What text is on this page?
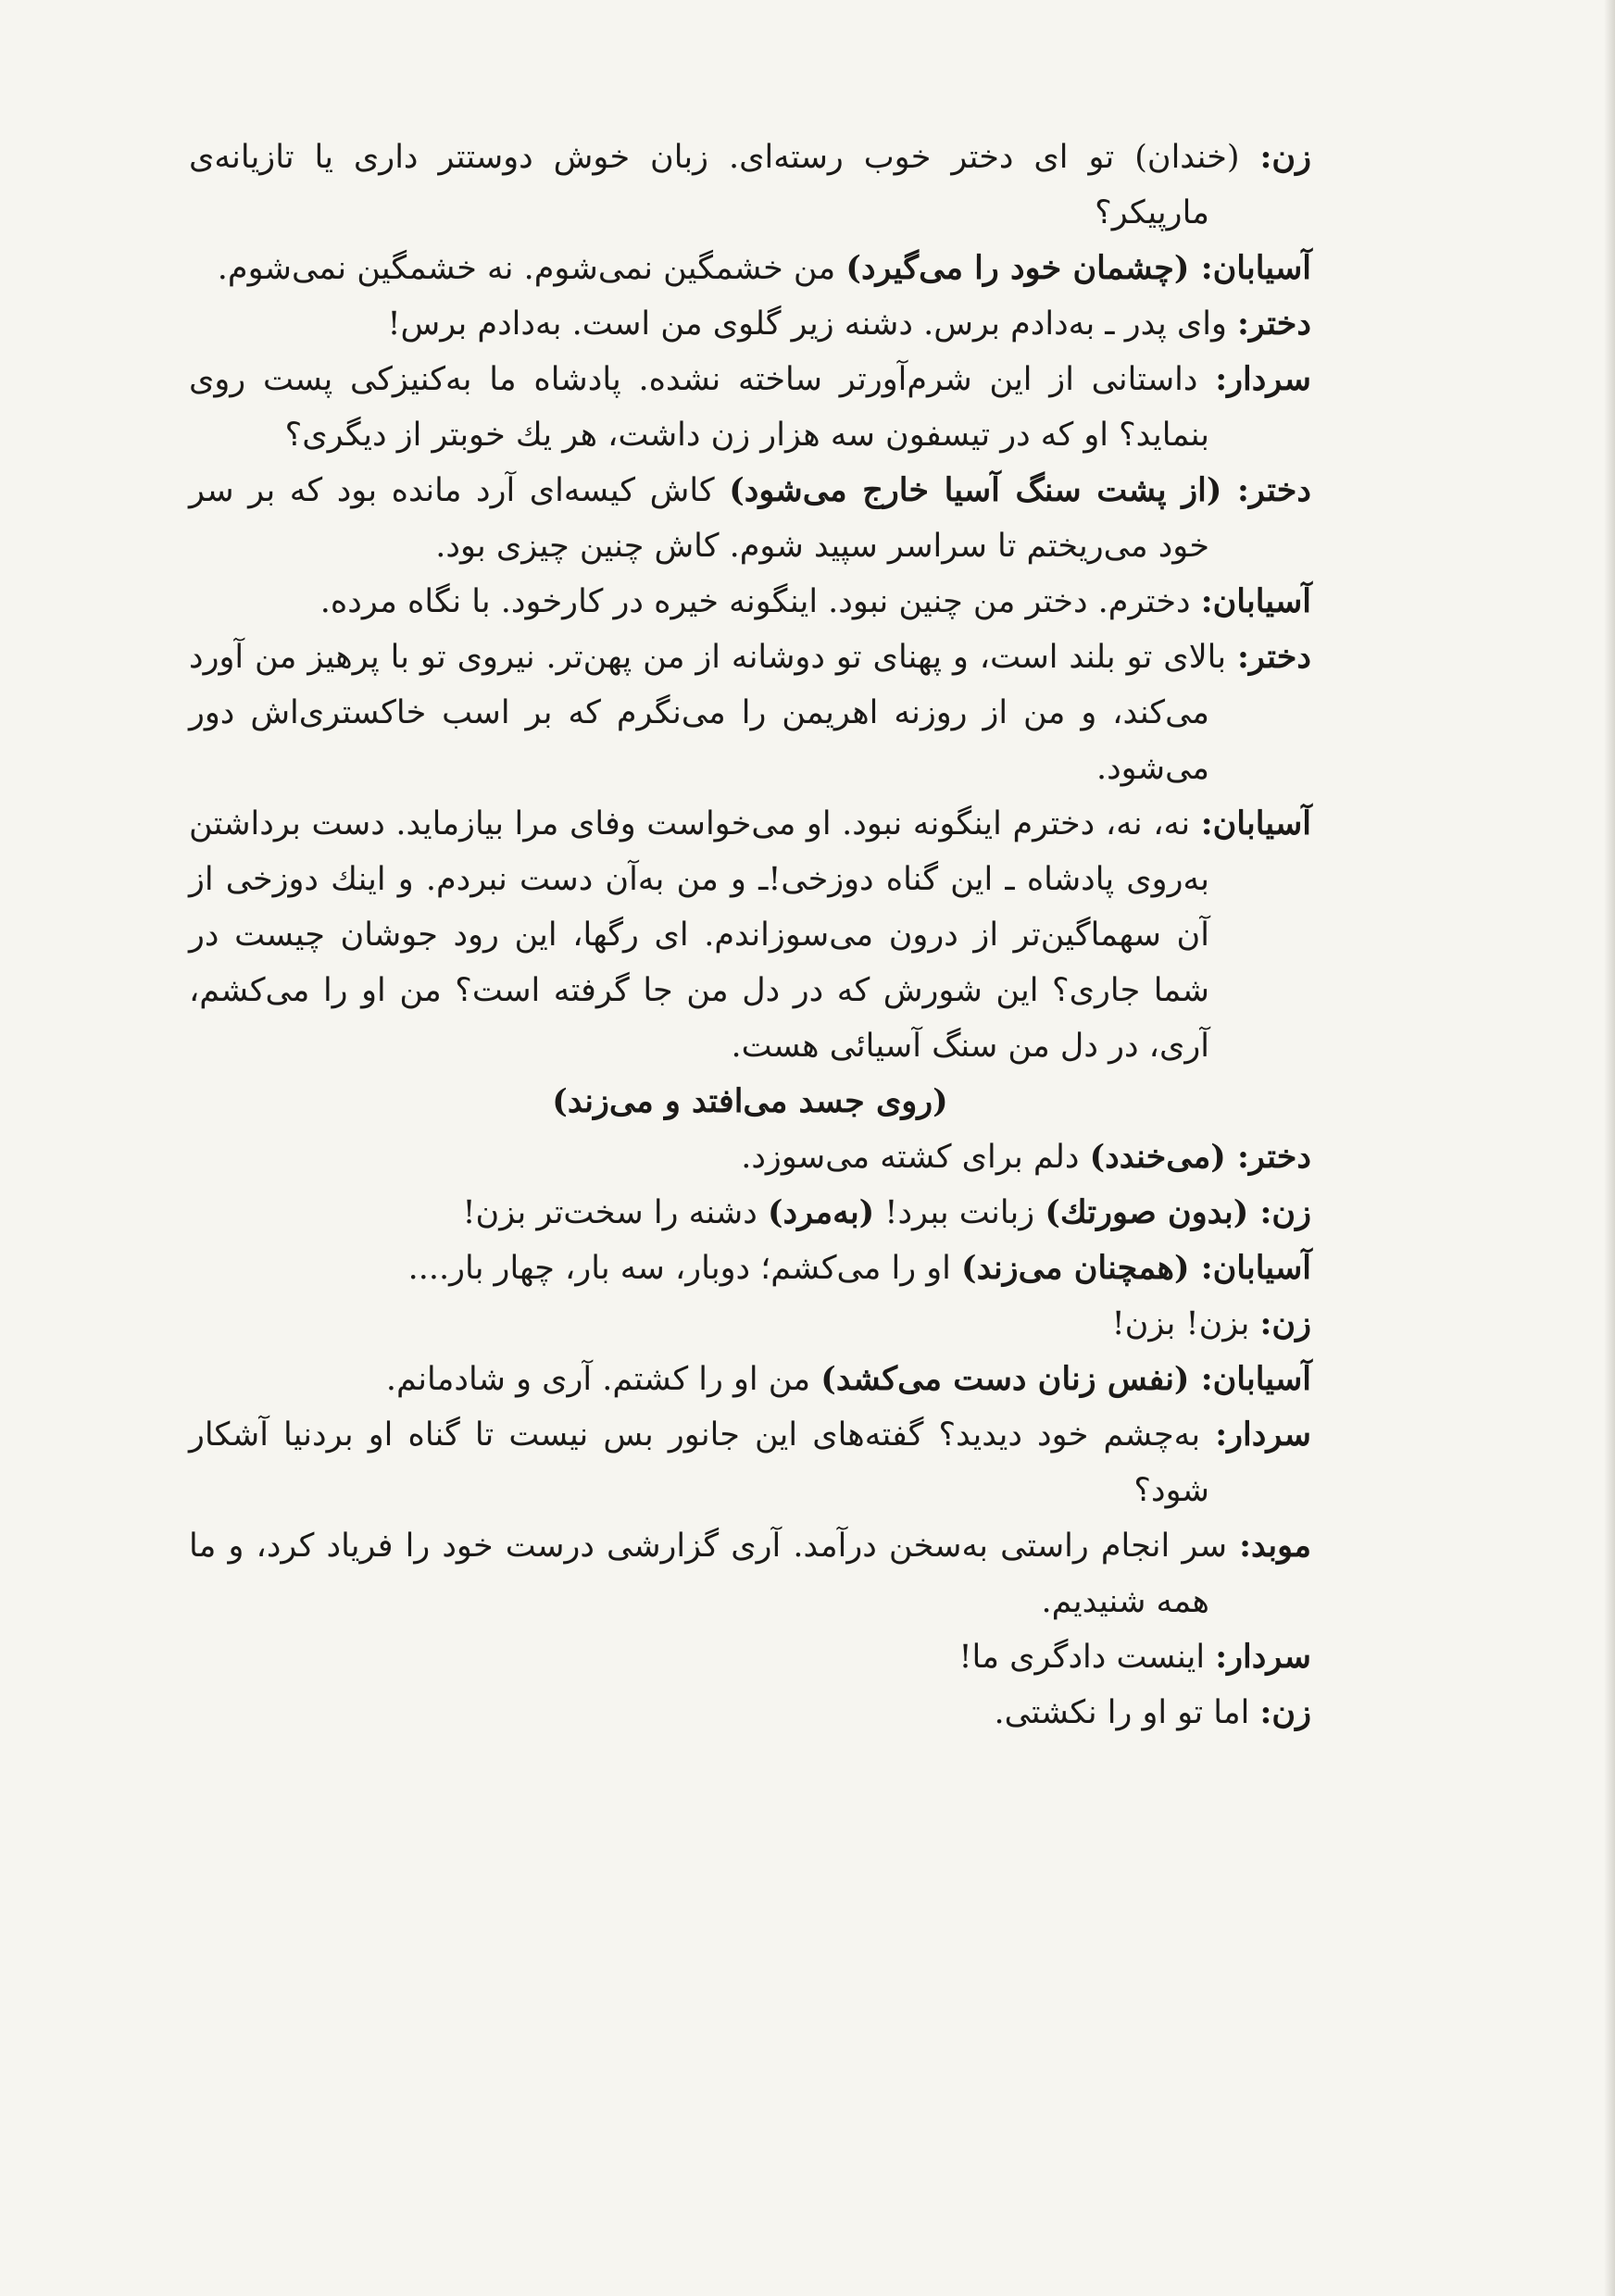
زن: (خندان) تو ای دختر خوب رسته‌ای. زبان خوش دوستتر داری یا تازیانه‌ی مارپیکر؟

آسیابان: (چشمان خود را می‌گیرد) من خشمگین نمی‌شوم. نه خشمگین نمی‌شوم.

دختر: وای پدر ـ به‌دادم برس. دشنه زیر گلوی من است. به‌دادم برس!

سردار: داستانی از این شرم‌آورتر ساخته نشده. پادشاه ما به‌کنیزکی پست روی بنماید؟ او که در تیسفون سه هزار زن داشت، هر یك خوبتر از دیگری؟

دختر: (از پشت سنگ آسیا خارج می‌شود) کاش کیسه‌ای آرد مانده بود که بر سر خود می‌ریختم تا سراسر سپید شوم. کاش چنین چیزی بود.

آسیابان: دخترم. دختر من چنین نبود. اینگونه خیره در کارخود. با نگاه مرده.

دختر: بالای تو بلند است، و پهنای تو دوشانه از من پهن‌تر. نیروی تو با پرهیز من آورد می‌کند، و من از روزنه اهریمن را می‌نگرم که بر اسب خاکستری‌اش دور می‌شود.

آسیابان: نه، نه، دخترم اینگونه نبود. او می‌خواست وفای مرا بیازماید. دست برداشتن به‌روی پادشاه ـ این گناه دوزخی!ـ و من به‌آن دست نبردم. و اینك دوزخی از آن سهماگین‌تر از درون می‌سوزاندم. ای رگها، این رود جوشان چیست در شما جاری؟ این شورش که در دل من جا گرفته است؟ من او را می‌کشم، آری، در دل من سنگ آسیائی هست.

(روی جسد می‌افتد و می‌زند)

دختر: (می‌خندد) دلم برای کشته می‌سوزد.

زن: (بدون صورتك) زبانت ببرد! (به‌مرد) دشنه را سخت‌تر بزن!

آسیابان: (همچنان می‌زند) او را می‌کشم؛ دوبار، سه بار، چهار بار....

زن: بزن! بزن!

آسیابان: (نفس زنان دست می‌کشد) من او را کشتم. آری و شادمانم.

سردار: به‌چشم خود دیدید؟ گفته‌های این جانور بس نیست تا گناه او بردنیا آشکار شود؟

موبد: سر انجام راستی به‌سخن درآمد. آری گزارشی درست خود را فریاد کرد، و ما همه شنیدیم.

سردار: اینست دادگری ما!

زن: اما تو او را نکشتی.
